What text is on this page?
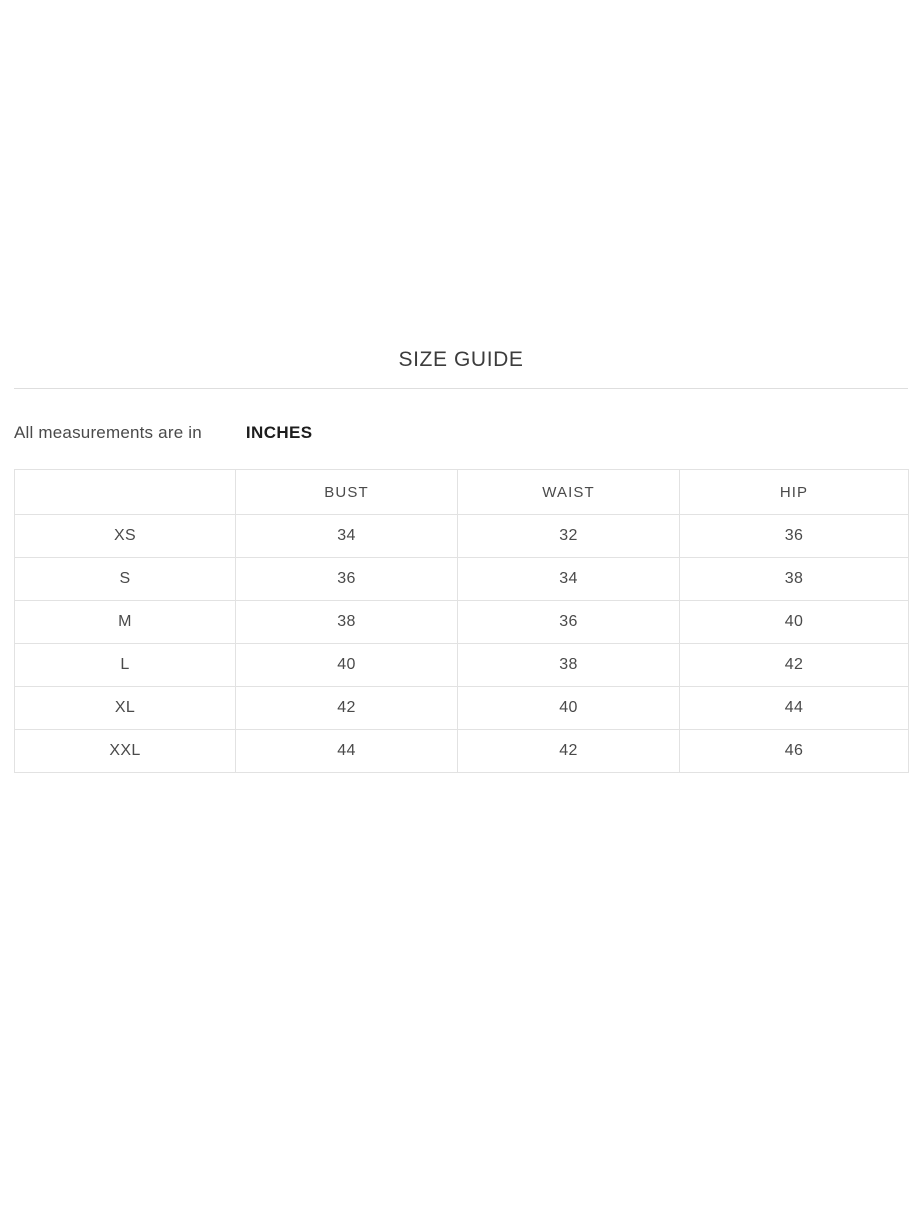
SIZE GUIDE
All measurements are in	INCHES
	BUST	WAIST	HIP
XS	34	32	36
S	36	34	38
M	38	36	40
L	40	38	42
XL	42	40	44
XXL	44	42	46
